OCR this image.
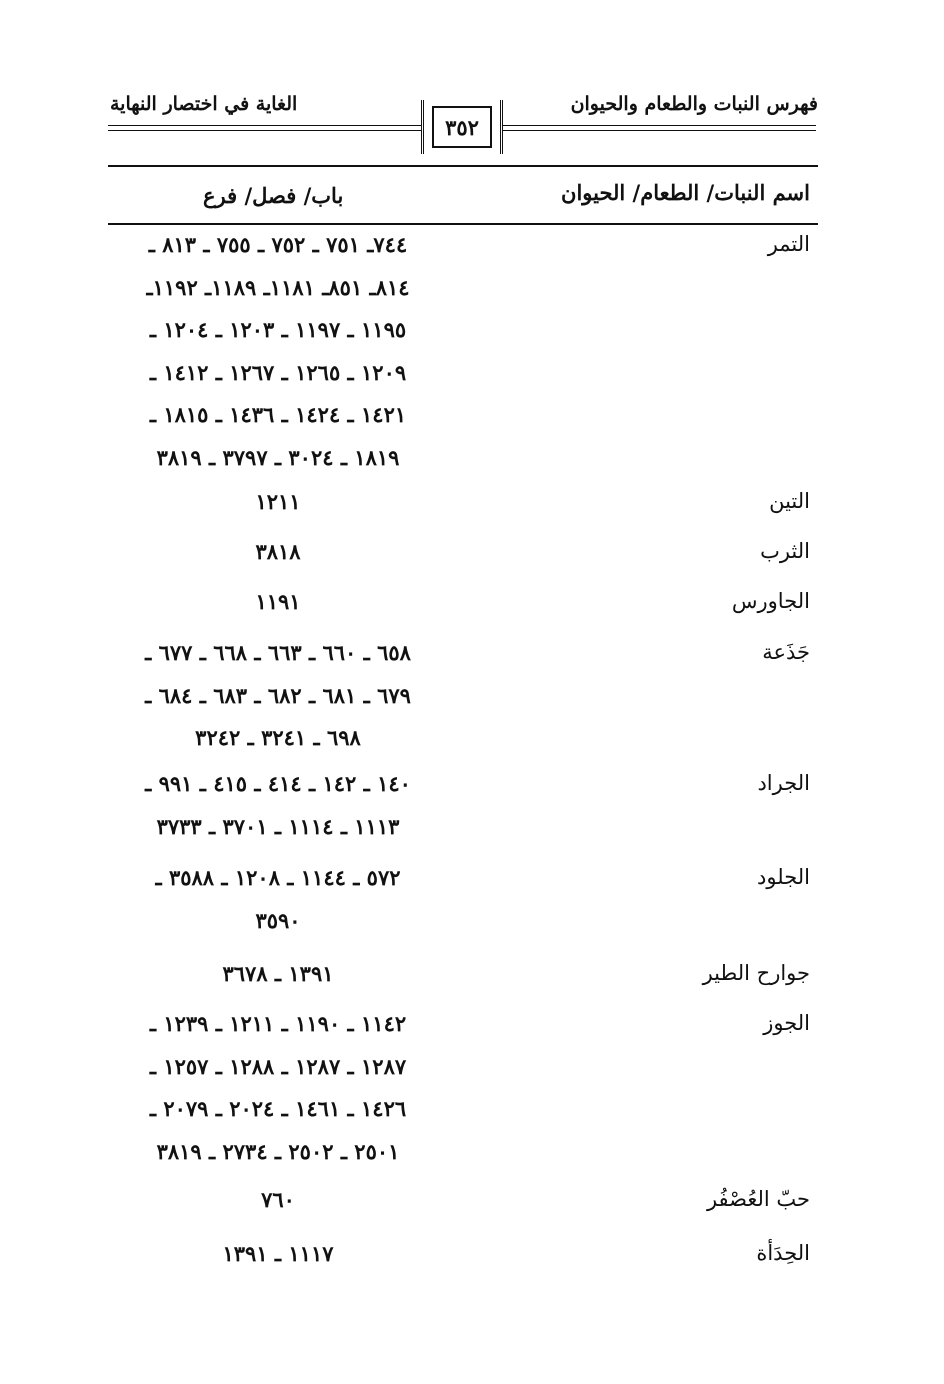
فهرس النبات والطعام والحيوان
الغاية في اختصار النهاية
٣٥٢
اسم النبات/ الطعام/ الحيوان
باب/ فصل/ فرع
التمر
٧٤٤ـ ٧٥١ ـ ٧٥٢ ـ ٧٥٥ ـ ٨١٣ ـ
٨١٤ـ ٨٥١ـ ١١٨١ـ ١١٨٩ـ ١١٩٢ـ
١١٩٥ ـ ١١٩٧ ـ ١٢٠٣ ـ ١٢٠٤ ـ
١٢٠٩ ـ ١٢٦٥ ـ ١٢٦٧ ـ ١٤١٢ ـ
١٤٢١ ـ ١٤٢٤ ـ ١٤٣٦ ـ ١٨١٥ ـ
١٨١٩ ـ ٣٠٢٤ ـ ٣٧٩٧ ـ ٣٨١٩
التين
١٢١١
الثرب
٣٨١٨
الجاورس
١١٩١
جَذَعة
٦٥٨ ـ ٦٦٠ ـ ٦٦٣ ـ ٦٦٨ ـ ٦٧٧ ـ
٦٧٩ ـ ٦٨١ ـ ٦٨٢ ـ ٦٨٣ ـ ٦٨٤ ـ
٦٩٨ ـ ٣٢٤١ ـ ٣٢٤٢
الجراد
١٤٠ ـ ١٤٢ ـ ٤١٤ ـ ٤١٥ ـ ٩٩١ ـ
١١١٣ ـ ١١١٤ ـ ٣٧٠١ ـ ٣٧٣٣
الجلود
٥٧٢ ـ ١١٤٤ ـ ١٢٠٨ ـ ٣٥٨٨ ـ
٣٥٩٠
جوارح الطير
١٣٩١ ـ ٣٦٧٨
الجوز
١١٤٢ ـ ١١٩٠ ـ ١٢١١ ـ ١٢٣٩ ـ
١٢٨٧ ـ ١٢٨٧ ـ ١٢٨٨ ـ ١٢٥٧ ـ
١٤٢٦ ـ ١٤٦١ ـ ٢٠٢٤ ـ ٢٠٧٩ ـ
٢٥٠١ ـ ٢٥٠٢ ـ ٢٧٣٤ ـ ٣٨١٩
حبّ العُصْفُر
٧٦٠
الحِدَأة
١١١٧ ـ ١٣٩١
